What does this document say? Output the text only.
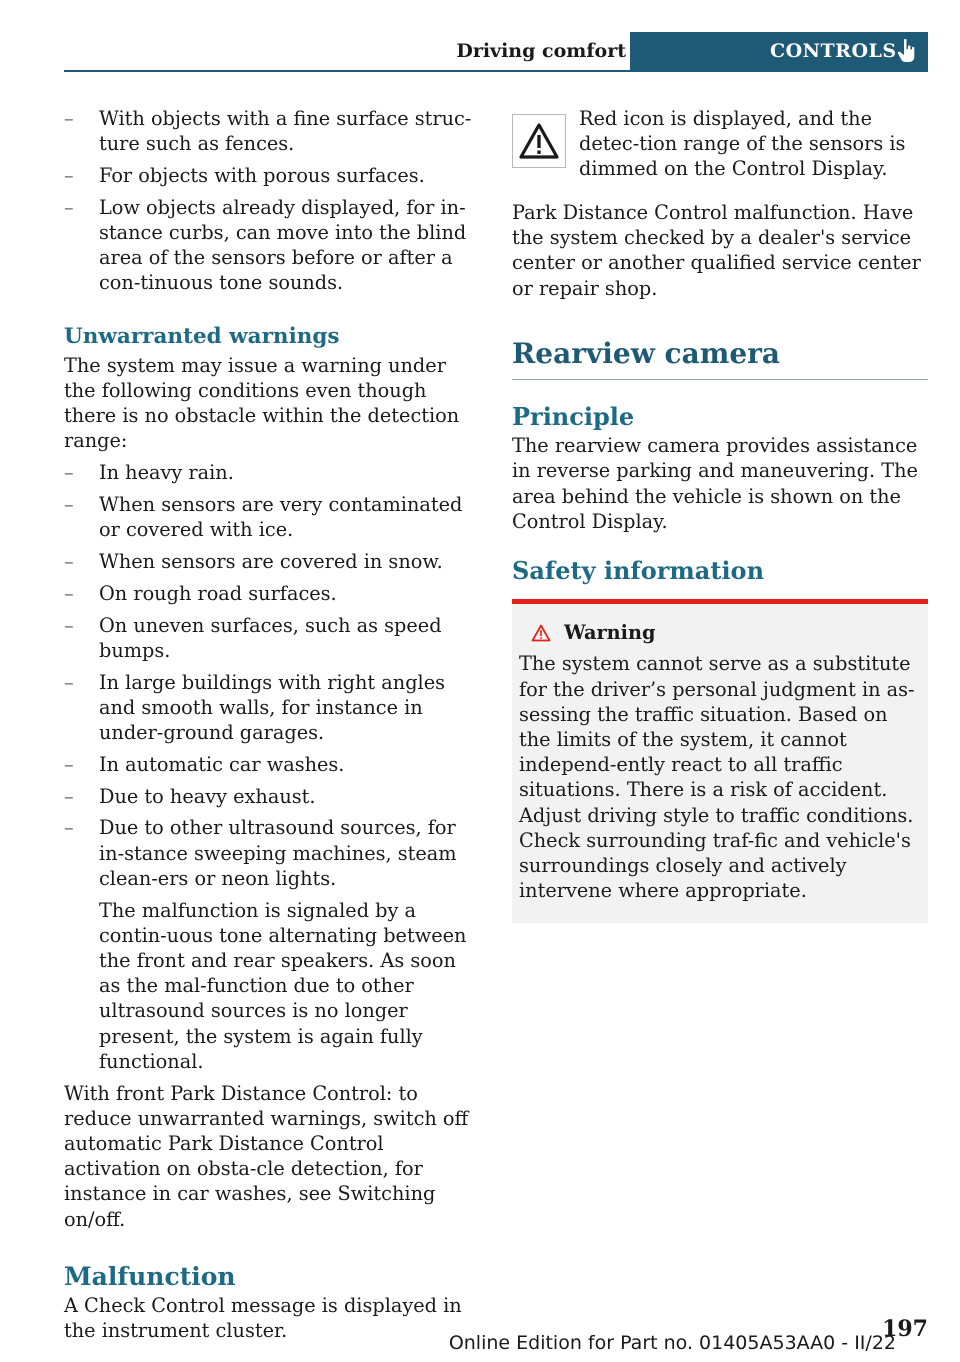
Driving comfort	CONTROLS
– With objects with a fine surface struc-ture such as fences.
– For objects with porous surfaces.
– Low objects already displayed, for in-stance curbs, can move into the blind area of the sensors before or after a con-tinuous tone sounds.
Unwarranted warnings

The system may issue a warning under the following conditions even though there is no obstacle within the detection range:

– In heavy rain.
– When sensors are very contaminated or covered with ice.
– When sensors are covered in snow.
– On rough road surfaces.
– On uneven surfaces, such as speed bumps.
– In large buildings with right angles and smooth walls, for instance in under-ground garages.
– In automatic car washes.
– Due to heavy exhaust.
– Due to other ultrasound sources, for in-stance sweeping machines, steam clean-ers or neon lights.

The malfunction is signaled by a contin-uous tone alternating between the front and rear speakers. As soon as the mal-function due to other ultrasound sources is no longer present, the system is again fully functional.

With front Park Distance Control: to reduce unwarranted warnings, switch off automatic Park Distance Control activation on obsta-cle detection, for instance in car washes, see Switching on/off.

Malfunction

A Check Control message is displayed in the instrument cluster.

Red icon is displayed, and the detec-tion range of the sensors is dimmed on the Control Display.

Park Distance Control malfunction. Have the system checked by a dealer's service center or another qualified service center or repair shop.

Rearview camera
Principle

The rearview camera provides assistance in reverse parking and maneuvering. The area behind the vehicle is shown on the Control Display.

Safety information
Warning

The system cannot serve as a substitute for the driver’s personal judgment in as-sessing the traffic situation. Based on the limits of the system, it cannot independ-ently react to all traffic situations. There is a risk of accident. Adjust driving style to traffic conditions. Check surrounding traf-fic and vehicle's surroundings closely and actively intervene where appropriate.

197
Online Edition for Part no. 01405A53AA0 - II/22
